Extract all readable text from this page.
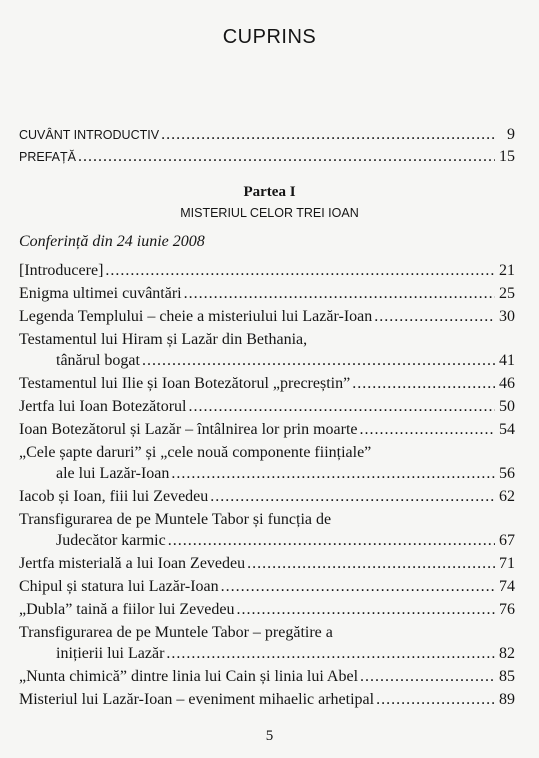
CUPRINS
CUVÂNT INTRODUCTIV .....	9
PREFAȚĂ .....	15
Partea I
MISTERIUL CELOR TREI IOAN
Conferință din 24 iunie 2008
[Introducere] .....	21
Enigma ultimei cuvântări .....	25
Legenda Templului – cheie a misteriului lui Lazăr-Ioan .....	30
Testamentul lui Hiram și Lazăr din Bethania,
tânărul bogat .....	41
Testamentul lui Ilie și Ioan Botezătorul „precreștin” .....	46
Jertfa lui Ioan Botezătorul .....	50
Ioan Botezătorul și Lazăr – întâlnirea lor prin moarte .....	54
„Cele șapte daruri” și „cele nouă componente ființiale”
ale lui Lazăr-Ioan .....	56
Iacob și Ioan, fiii lui Zevedeu .....	62
Transfigurarea de pe Muntele Tabor și funcția de
Judecător karmic .....	67
Jertfa misterială a lui Ioan Zevedeu .....	71
Chipul și statura lui Lazăr-Ioan .....	74
„Dubla” taină a fiilor lui Zevedeu .....	76
Transfigurarea de pe Muntele Tabor – pregătire a
inițierii lui Lazăr .....	82
„Nunta chimică” dintre linia lui Cain și linia lui Abel .....	85
Misteriul lui Lazăr-Ioan – eveniment mihaelic arhetipal .....	89
5
